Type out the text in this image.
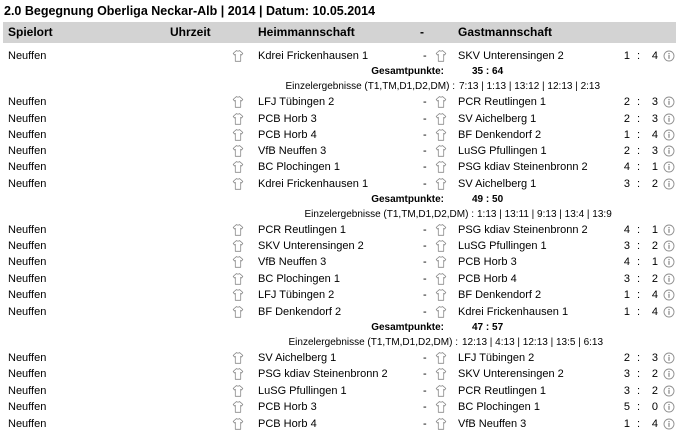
2.0 Begegnung Oberliga Neckar-Alb | 2014 | Datum: 10.05.2014
Spielort	Uhrzeit	Heimmannschaft	-	Gastmannschaft
Neuffen	Kdrei Frickenhausen 1	-	SKV Unterensingen 2	1 :	4
Gesamtpunkte:	35 : 64
Einzelergebnisse (T1,TM,D1,D2,DM) : 7:13 | 1:13 | 13:12 | 12:13 | 2:13
Neuffen	LFJ Tübingen 2	-	PCR Reutlingen 1	2 :	3
Neuffen	PCB Horb 3	-	SV Aichelberg 1	2 :	3
Neuffen	PCB Horb 4	-	BF Denkendorf 2	1 :	4
Neuffen	VfB Neuffen 3	-	LuSG Pfullingen 1	2 :	3
Neuffen	BC Plochingen 1	-	PSG kdiav Steinenbronn 2	4 :	1
Neuffen	Kdrei Frickenhausen 1	-	SV Aichelberg 1	3 :	2
Gesamtpunkte:	49 : 50
Einzelergebnisse (T1,TM,D1,D2,DM) : 1:13 | 13:11 | 9:13 | 13:4 | 13:9
Neuffen	PCR Reutlingen 1	-	PSG kdiav Steinenbronn 2	4 :	1
Neuffen	SKV Unterensingen 2	-	LuSG Pfullingen 1	3 :	2
Neuffen	VfB Neuffen 3	-	PCB Horb 3	4 :	1
Neuffen	BC Plochingen 1	-	PCB Horb 4	3 :	2
Neuffen	LFJ Tübingen 2	-	BF Denkendorf 2	1 :	4
Neuffen	BF Denkendorf 2	-	Kdrei Frickenhausen 1	1 :	4
Gesamtpunkte:	47 : 57
Einzelergebnisse (T1,TM,D1,D2,DM) : 12:13 | 4:13 | 12:13 | 13:5 | 6:13
Neuffen	SV Aichelberg 1	-	LFJ Tübingen 2	2 :	3
Neuffen	PSG kdiav Steinenbronn 2	-	SKV Unterensingen 2	3 :	2
Neuffen	LuSG Pfullingen 1	-	PCR Reutlingen 1	3 :	2
Neuffen	PCB Horb 3	-	BC Plochingen 1	5 :	0
Neuffen	PCB Horb 4	-	VfB Neuffen 3	1 :	4
